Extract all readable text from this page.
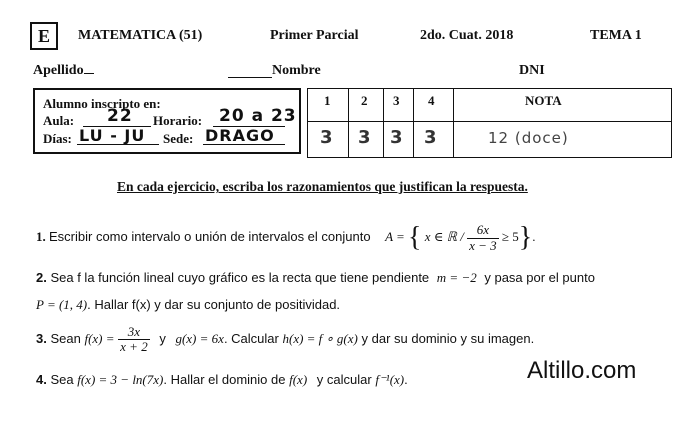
E	MATEMATICA (51)	Primer Parcial	2do. Cuat. 2018	TEMA 1
Apellido	Nombre	DNI
Alumno inscripto en:
Aula: 22 Horario: 20 a 23
Días: LU - JU Sede: DRAGO
1 2 3 4	NOTA
3 3 3 3	12 (doce)
En cada ejercicio, escriba los razonamientos que justifican la respuesta.
1. Escribir como intervalo o unión de intervalos el conjunto A = { x ∈ ℝ / $\frac{6x}{x - 3} \ge 5$}.
2. Sea f la función lineal cuyo gráfico es la recta que tiene pendiente m = −2 y pasa por el punto
P = (1, 4). Hallar f(x) y dar su conjunto de positividad.
3. Sean $f(x) = \frac{3x}{x + 2}$ y g(x) = 6x. Calcular h(x) = f ∘ g(x) y dar su dominio y su imagen.
4. Sea f(x) = 3 − ln(7x). Hallar el dominio de f(x) y calcular f⁻¹(x).	Altillo.com
